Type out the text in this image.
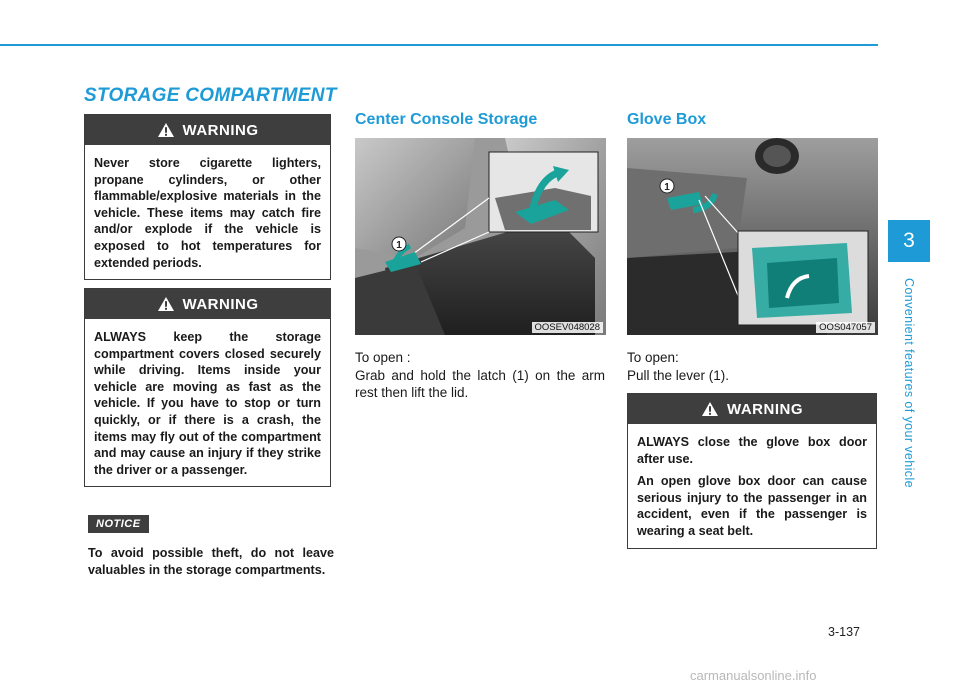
STORAGE COMPARTMENT
WARNING

Never store cigarette lighters, propane cylinders, or other flammable/explosive materials in the vehicle. These items may catch fire and/or explode if the vehicle is exposed to hot temperatures for extended periods.

WARNING

ALWAYS keep the storage compartment covers closed securely while driving. Items inside your vehicle are moving as fast as the vehicle. If you have to stop or turn quickly, or if there is a crash, the items may fly out of the compartment and may cause an injury if they strike the driver or a passenger.

NOTICE

To avoid possible theft, do not leave valuables in the storage compartments.

Center Console Storage
1
OOSEV048028

To open :

Grab and hold the latch (1) on the arm rest then lift the lid.

Glove Box
1
OOS047057

To open:

Pull the lever (1).

WARNING

ALWAYS close the glove box door after use.

An open glove box door can cause serious injury to the passenger in an accident, even if the passenger is wearing a seat belt.

3
Convenient features of your vehicle
3-137
carmanualsonline.info
